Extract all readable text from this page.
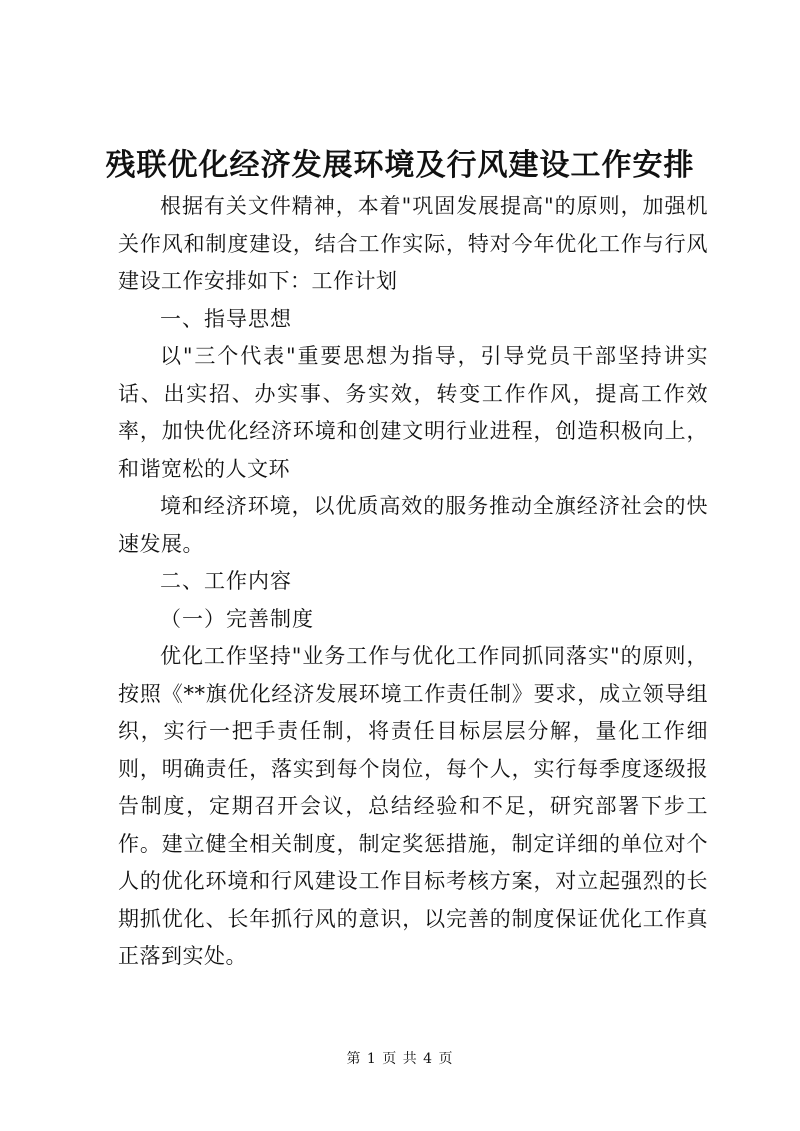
残联优化经济发展环境及行风建设工作安排

根据有关文件精神，本着"巩固发展提高"的原则，加强机关作风和制度建设，结合工作实际，特对今年优化工作与行风建设工作安排如下：工作计划

一、指导思想

以"三个代表"重要思想为指导，引导党员干部坚持讲实话、出实招、办实事、务实效，转变工作作风，提高工作效率，加快优化经济环境和创建文明行业进程，创造积极向上，和谐宽松的人文环

境和经济环境，以优质高效的服务推动全旗经济社会的快速发展。

二、工作内容

（一）完善制度

优化工作坚持"业务工作与优化工作同抓同落实"的原则，按照《**旗优化经济发展环境工作责任制》要求，成立领导组织，实行一把手责任制，将责任目标层层分解，量化工作细则，明确责任，落实到每个岗位，每个人，实行每季度逐级报告制度，定期召开会议，总结经验和不足，研究部署下步工作。建立健全相关制度，制定奖惩措施，制定详细的单位对个人的优化环境和行风建设工作目标考核方案，对立起强烈的长期抓优化、长年抓行风的意识，以完善的制度保证优化工作真正落到实处。

第 1 页 共 4 页
